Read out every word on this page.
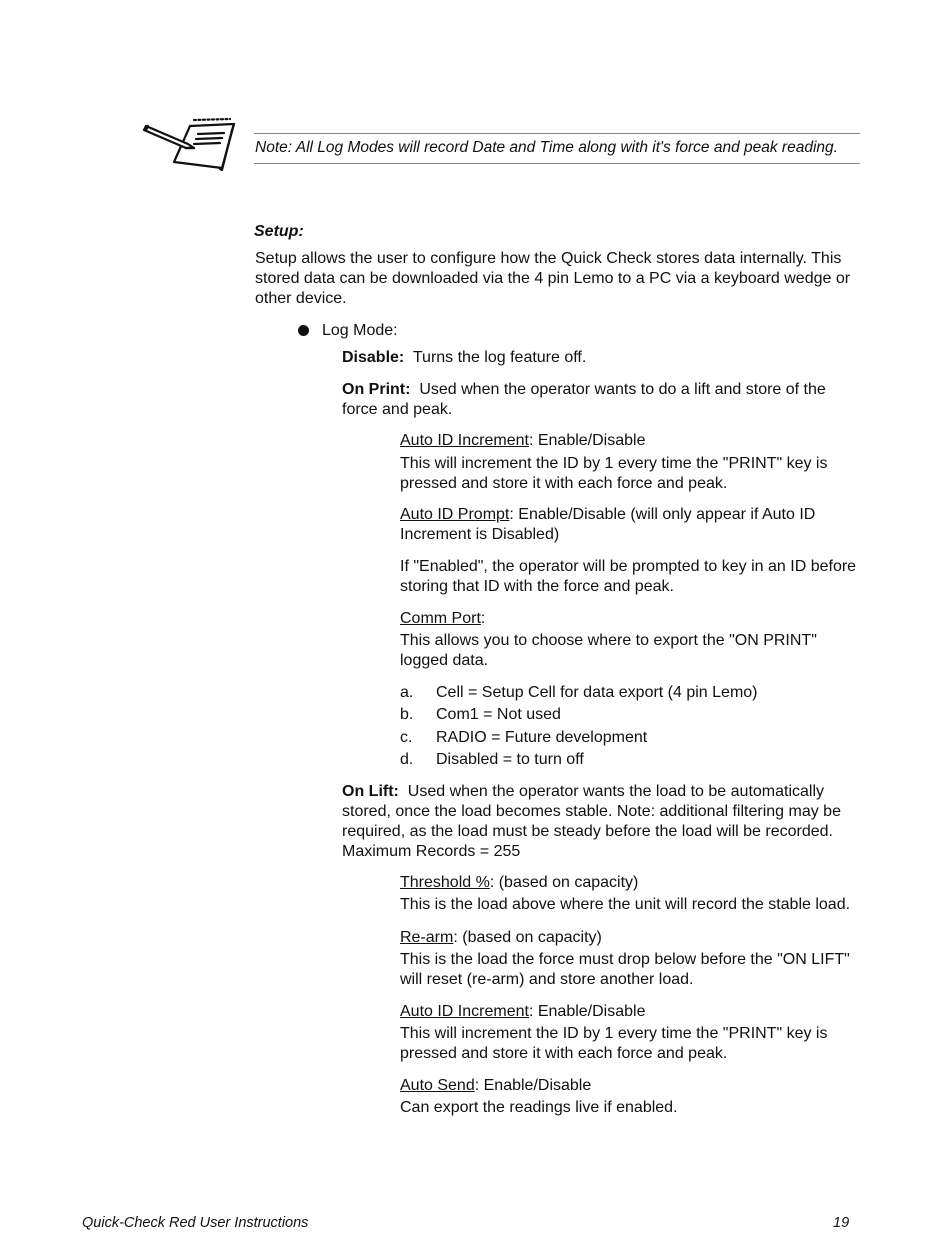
Note: All Log Modes will record Date and Time along with it's force and peak reading.
Setup:
Setup allows the user to configure how the Quick Check stores data internally. This stored data can be downloaded via the 4 pin Lemo to a PC via a keyboard wedge or other device.
Log Mode:
Disable: Turns the log feature off.
On Print: Used when the operator wants to do a lift and store of the force and peak.
Auto ID Increment: Enable/Disable
This will increment the ID by 1 every time the "PRINT" key is pressed and store it with each force and peak.
Auto ID Prompt: Enable/Disable (will only appear if Auto ID Increment is Disabled)
If "Enabled", the operator will be prompted to key in an ID before storing that ID with the force and peak.
Comm Port:
This allows you to choose where to export the "ON PRINT" logged data.
a. Cell = Setup Cell for data export (4 pin Lemo)
b. Com1 = Not used
c. RADIO = Future development
d. Disabled = to turn off
On Lift: Used when the operator wants the load to be automatically stored, once the load becomes stable. Note: additional filtering may be required, as the load must be steady before the load will be recorded. Maximum Records = 255
Threshold %: (based on capacity)
This is the load above where the unit will record the stable load.
Re-arm: (based on capacity)
This is the load the force must drop below before the "ON LIFT" will reset (re-arm) and store another load.
Auto ID Increment: Enable/Disable
This will increment the ID by 1 every time the "PRINT" key is pressed and store it with each force and peak.
Auto Send: Enable/Disable
Can export the readings live if enabled.
Quick-Check Red User Instructions	19
